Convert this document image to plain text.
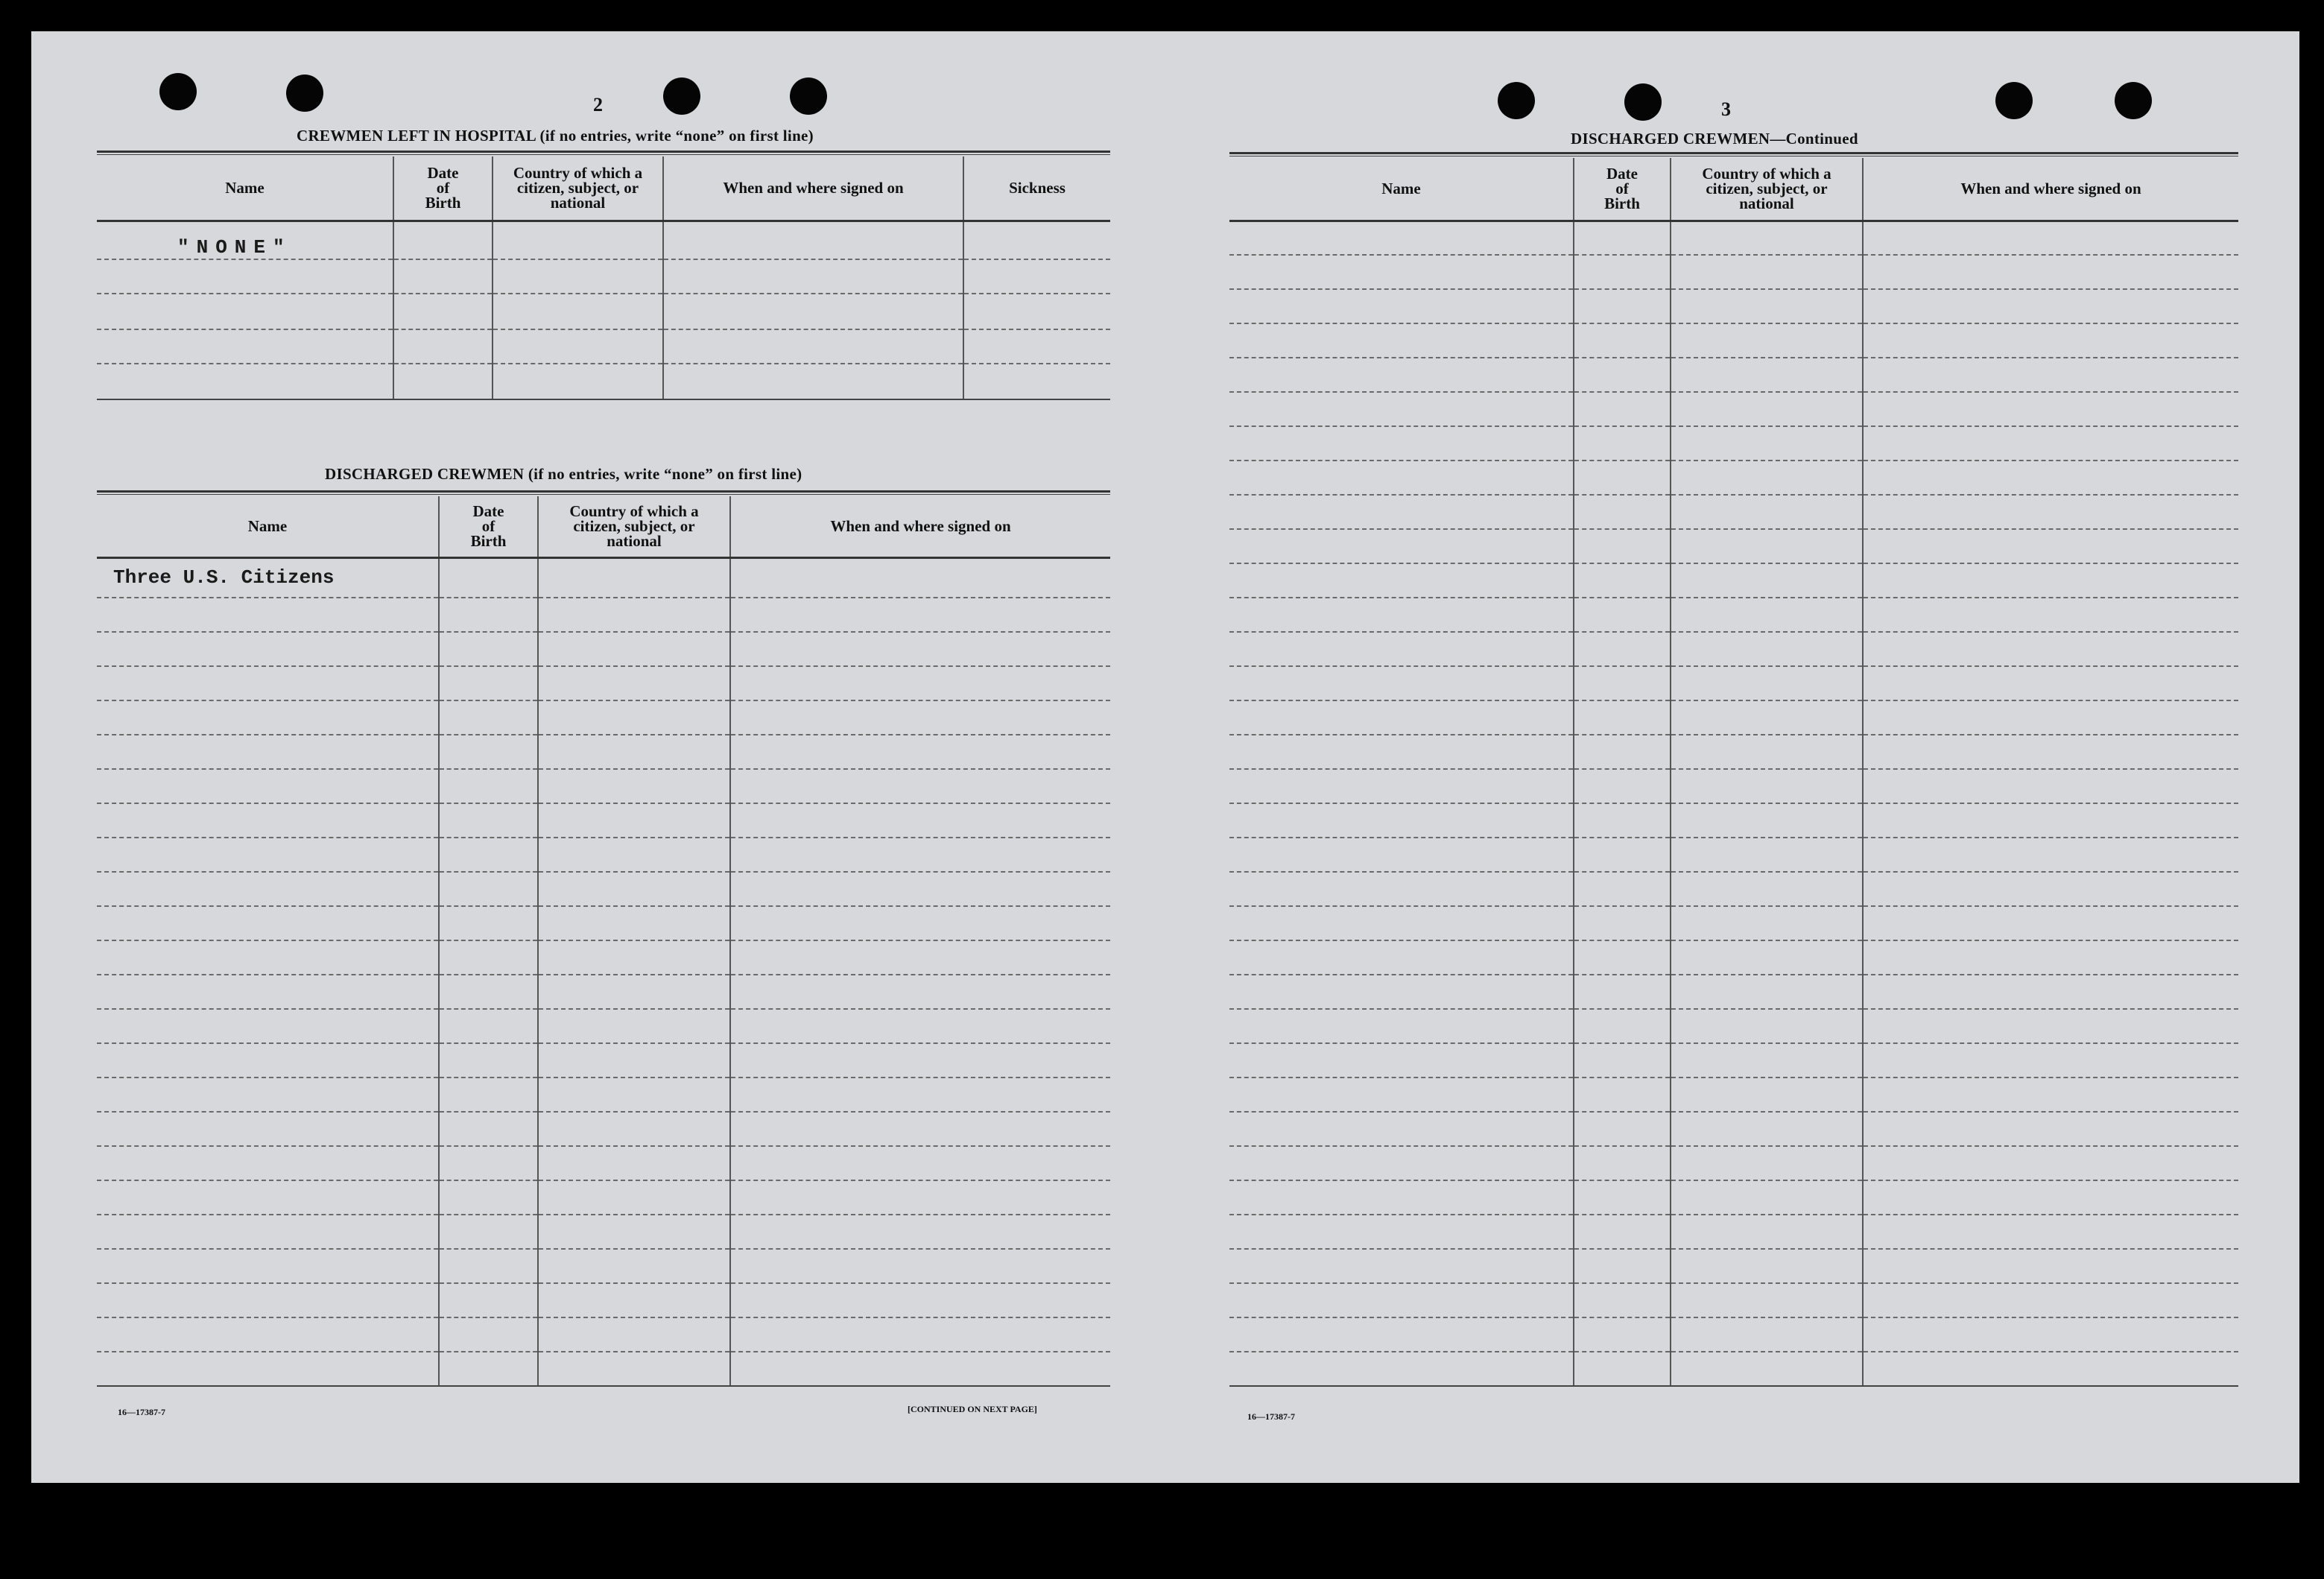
2
CREWMEN LEFT IN HOSPITAL (if no entries, write “none” on first line)
Name	Date of Birth	Country of which a citizen, subject, or national	When and where signed on	Sickness
"NONE"				

DISCHARGED CREWMEN (if no entries, write “none” on first line)
Name	Date of Birth	Country of which a citizen, subject, or national	When and where signed on
Three U.S. Citizens			

16—17387-7	[CONTINUED ON NEXT PAGE]
3
DISCHARGED CREWMEN—Continued
Name	Date of Birth	Country of which a citizen, subject, or national	When and where signed on

16—17387-7
